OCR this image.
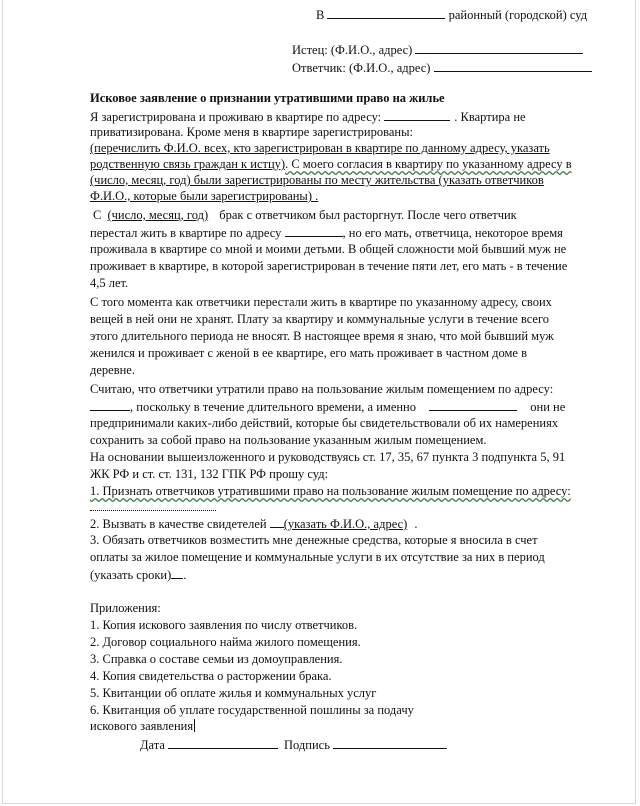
В	районный (городской) суд
Истец: (Ф.И.О., адрес)
Ответчик: (Ф.И.О., адрес)
Исковое заявление о признании утратившими право на жилье
Я зарегистрирована и проживаю в квартире по адресу:	. Квартира не
приватизирована. Кроме меня в квартире зарегистрированы:
(перечислить Ф.И.О. всех, кто зарегистрирован в квартире по данному адресу, указать
родственную связь граждан к истцу). С моего согласия в квартиру по указанному адресу в
(число, месяц, год) были зарегистрированы по месту жительства (указать ответчиков
Ф.И.О., которые были зарегистрированы) .
С (число, месяц, год) брак с ответчиком был расторгнут. После чего ответчик
перестал жить в квартире по адресу	, но его мать, ответчица, некоторое время
проживала в квартире со мной и моими детьми. В общей сложности мой бывший муж не
проживает в квартире, в которой зарегистрирован в течение пяти лет, его мать - в течение
4,5 лет.
С того момента как ответчики перестали жить в квартире по указанному адресу, своих
вещей в ней они не хранят. Плату за квартиру и коммунальные услуги в течение всего
этого длительного периода не вносят. В настоящее время я знаю, что мой бывший муж
женился и проживает с женой в ее квартире, его мать проживает в частном доме в
деревне.
Считаю, что ответчики утратили право на пользование жилым помещением по адресу:
, поскольку в течение длительного времени, а именно	они не
предпринимали каких-либо действий, которые бы свидетельствовали об их намерениях
сохранить за собой право на пользование указанным жилым помещением.
На основании вышеизложенного и руководствуясь ст. 17, 35, 67 пункта 3 подпункта 5, 91
ЖК РФ и ст. ст. 131, 132 ГПК РФ прошу суд:
1. Признать ответчиков утратившими право на пользование жилым помещение по адресу:
2. Вызвать в качестве свидетелей (указать Ф.И.О., адрес) .
3. Обязать ответчиков возместить мне денежные средства, которые я вносила в счет
оплаты за жилое помещение и коммунальные услуги в их отсутствие за них в период
(указать сроки) .
Приложения:
1. Копия искового заявления по числу ответчиков.
2. Договор социального найма жилого помещения.
3. Справка о составе семьи из домоуправления.
4. Копия свидетельства о расторжении брака.
5. Квитанции об оплате жилья и коммунальных услуг
6. Квитанция об уплате государственной пошлины за подачу
искового заявления
Дата	Подпись
